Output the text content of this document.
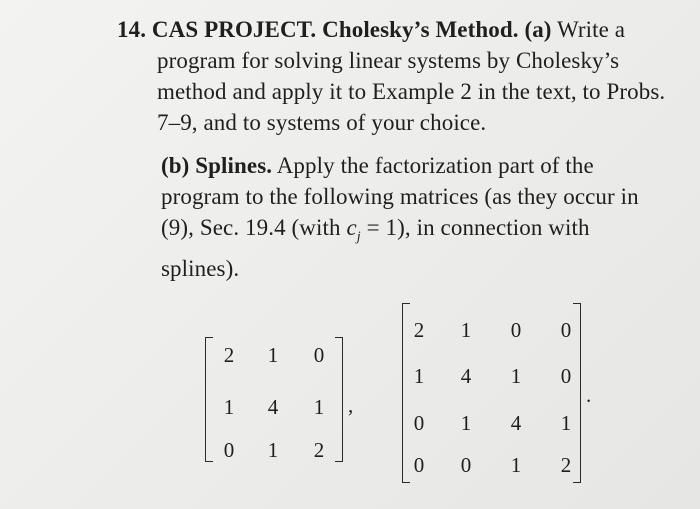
14. CAS PROJECT. Cholesky’s Method. (a) Write a
program for solving linear systems by Cholesky’s
method and apply it to Example 2 in the text, to Probs.
7–9, and to systems of your choice.
(b) Splines. Apply the factorization part of the
program to the following matrices (as they occur in
(9), Sec. 19.4 (with $c_j = 1$), in connection with
splines).
2	1	0
1	4	1
0	1	2
,
2	1	0	0
1	4	1	0
0	1	4	1
0	0	1	2
.
